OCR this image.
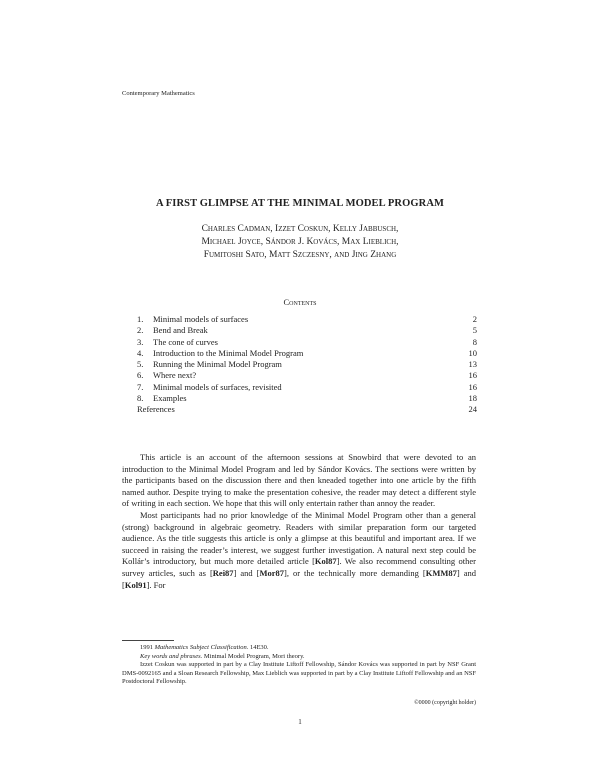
Contemporary Mathematics
A FIRST GLIMPSE AT THE MINIMAL MODEL PROGRAM
Charles Cadman, Izzet Coskun, Kelly Jabbusch,
Michael Joyce, Sándor J. Kovács, Max Lieblich,
Fumitoshi Sato, Matt Szczesny, and Jing Zhang
Contents
1.	Minimal models of surfaces	2
2.	Bend and Break	5
3.	The cone of curves	8
4.	Introduction to the Minimal Model Program	10
5.	Running the Minimal Model Program	13
6.	Where next?	16
7.	Minimal models of surfaces, revisited	16
8.	Examples	18
References	24

This article is an account of the afternoon sessions at Snowbird that were devoted to an introduction to the Minimal Model Program and led by Sándor Kovács. The sections were written by the participants based on the discussion there and then kneaded together into one article by the fifth named author. Despite trying to make the presentation cohesive, the reader may detect a different style of writing in each section. We hope that this will only entertain rather than annoy the reader.

Most participants had no prior knowledge of the Minimal Model Program other than a general (strong) background in algebraic geometry. Readers with similar preparation form our targeted audience. As the title suggests this article is only a glimpse at this beautiful and important area. If we succeed in raising the reader’s interest, we suggest further investigation. A natural next step could be Kollár’s introductory, but much more detailed article [Kol87]. We also recommend consulting other survey articles, such as [Rei87] and [Mor87], or the technically more demanding [KMM87] and [Kol91]. For

1991 Mathematics Subject Classification. 14E30.

Key words and phrases. Minimal Model Program, Mori theory.

Izzet Coskun was supported in part by a Clay Institute Liftoff Fellowship, Sándor Kovács was supported in part by NSF Grant DMS-0092165 and a Sloan Research Fellowship, Max Lieblich was supported in part by a Clay Institute Liftoff Fellowship and an NSF Postdoctoral Fellowship.

©0000 (copyright holder)
1
